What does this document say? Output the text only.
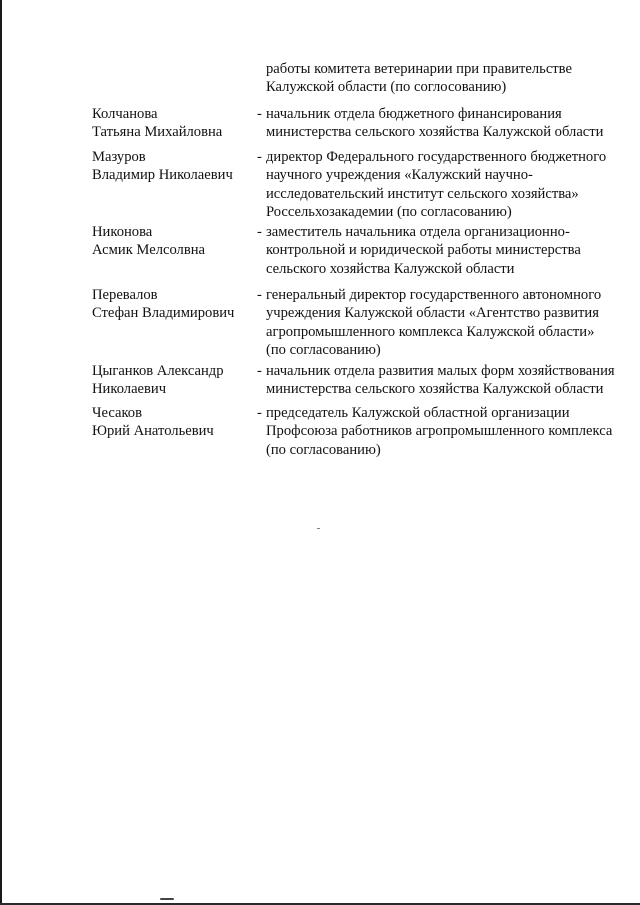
работы комитета ветеринарии при правительстве
Калужской области (по соглосованию)
Колчанова
Татьяна Михайловна
- начальник отдела бюджетного финансирования
министерства сельского хозяйства Калужской области
Мазуров
Владимир Николаевич
- директор Федерального государственного бюджетного
научного учреждения «Калужский научно-
исследовательский институт сельского хозяйства»
Россельхозакадемии (по согласованию)
Никонова
Асмик Мелсолвна
- заместитель начальника отдела организационно-
контрольной и юридической работы министерства
сельского хозяйства Калужской области
Перевалов
Стефан Владимирович
- генеральный директор государственного автономного
учреждения Калужской области «Агентство развития
агропромышленного комплекса Калужской области»
(по согласованию)
Цыганков Александр
Николаевич
- начальник отдела развития малых форм хозяйствования
министерства сельского хозяйства Калужской области
Чесаков
Юрий Анатольевич
- председатель Калужской областной организации
Профсоюза работников агропромышленного комплекса
(по согласованию)
